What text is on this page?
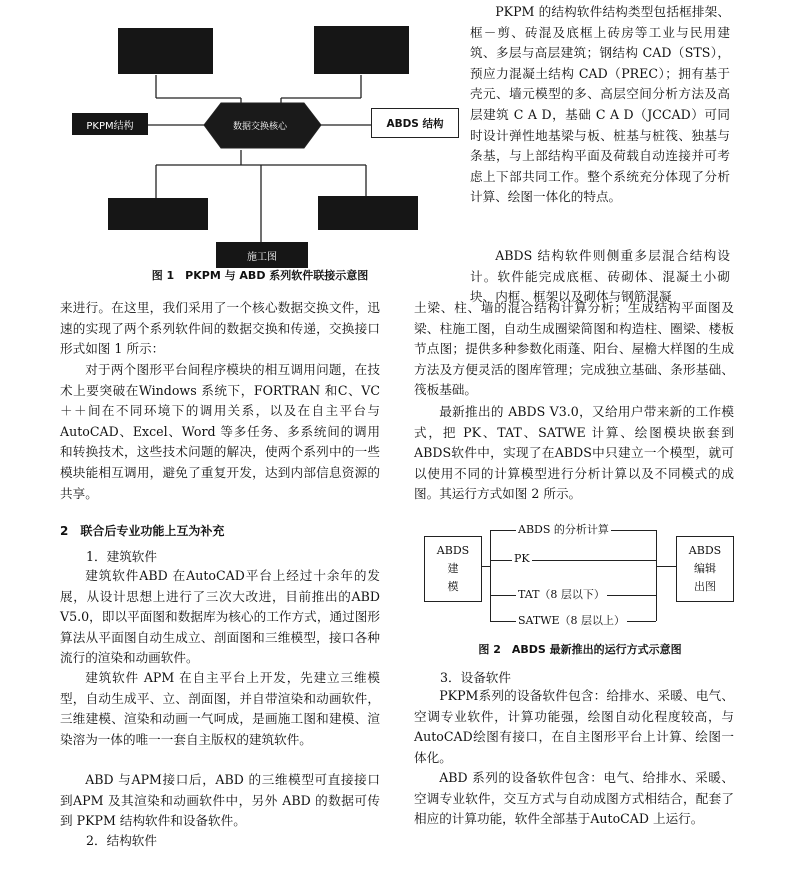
数据交换核心
PKPM结构	ABDS 结构
施工图
图 1　PKPM 与 ABD 系列软件联接示意图

PKPM 的结构软件结构类型包括框排架、框－剪、砖混及底框上砖房等工业与民用建筑、多层与高层建筑；钢结构 CAD（STS），预应力混凝土结构 CAD（PREC）；拥有基于壳元、墙元模型的多、高层空间分析方法及高层建筑 C A D，基础 C A D（JCCAD）可同时设计弹性地基梁与板、桩基与桩筏、独基与条基，与上部结构平面及荷载自动连接并可考虑上下部共同工作。整个系统充分体现了分析计算、绘图一体化的特点。

ABDS 结构软件则侧重多层混合结构设计。软件能完成底框、砖砌体、混凝土小砌块、内框、框架以及砌体与钢筋混凝

来进行。在这里，我们采用了一个核心数据交换文件，迅速的实现了两个系列软件间的数据交换和传递，交换接口形式如图 1 所示：

对于两个图形平台间程序模块的相互调用问题，在技术上要突破在Windows 系统下，FORTRAN 和C、VC＋＋间在不同环境下的调用关系，以及在自主平台与 AutoCAD、Excel、Word 等多任务、多系统间的调用和转换技术，这些技术问题的解决，使两个系列中的一些模块能相互调用，避免了重复开发，达到内部信息资源的共享。

2　联合后专业功能上互为补充
1．建筑软件

建筑软件ABD 在AutoCAD平台上经过十余年的发展，从设计思想上进行了三次大改进，目前推出的ABD V5.0，即以平面图和数据库为核心的工作方式，通过图形算法从平面图自动生成立、剖面图和三维模型，接口各种流行的渲染和动画软件。

建筑软件 APM 在自主平台上开发，先建立三维模型，自动生成平、立、剖面图，并自带渲染和动画软件，三维建模、渲染和动画一气呵成，是画施工图和建模、渲染溶为一体的唯一一套自主版权的建筑软件。

ABD 与APM接口后，ABD 的三维模型可直接接口到APM 及其渲染和动画软件中，另外 ABD 的数据可传到 PKPM 结构软件和设备软件。

2．结构软件

土梁、柱、墙的混合结构计算分析；生成结构平面图及梁、柱施工图，自动生成圈梁简图和构造柱、圈梁、楼板节点图；提供多种参数化雨蓬、阳台、屋檐大样图的生成方法及方便灵活的图库管理；完成独立基础、条形基础、筏板基础。

最新推出的 ABDS V3.0，又给用户带来新的工作模式，把 PK、TAT、SATWE 计算、绘图模块嵌套到ABDS软件中，实现了在ABDS中只建立一个模型，就可以使用不同的计算模型进行分析计算以及不同模式的成图。其运行方式如图 2 所示。

ABDS
建
模
ABDS
编辑
出图
ABDS 的分析计算
PK
TAT（8 层以下）
SATWE（8 层以上）
图 2　ABDS 最新推出的运行方式示意图
3．设备软件

PKPM系列的设备软件包含：给排水、采暖、电气、空调专业软件，计算功能强，绘图自动化程度较高，与AutoCAD绘图有接口，在自主图形平台上计算、绘图一体化。

ABD 系列的设备软件包含：电气、给排水、采暖、空调专业软件，交互方式与自动成图方式相结合，配套了相应的计算功能，软件全部基于AutoCAD 上运行。
